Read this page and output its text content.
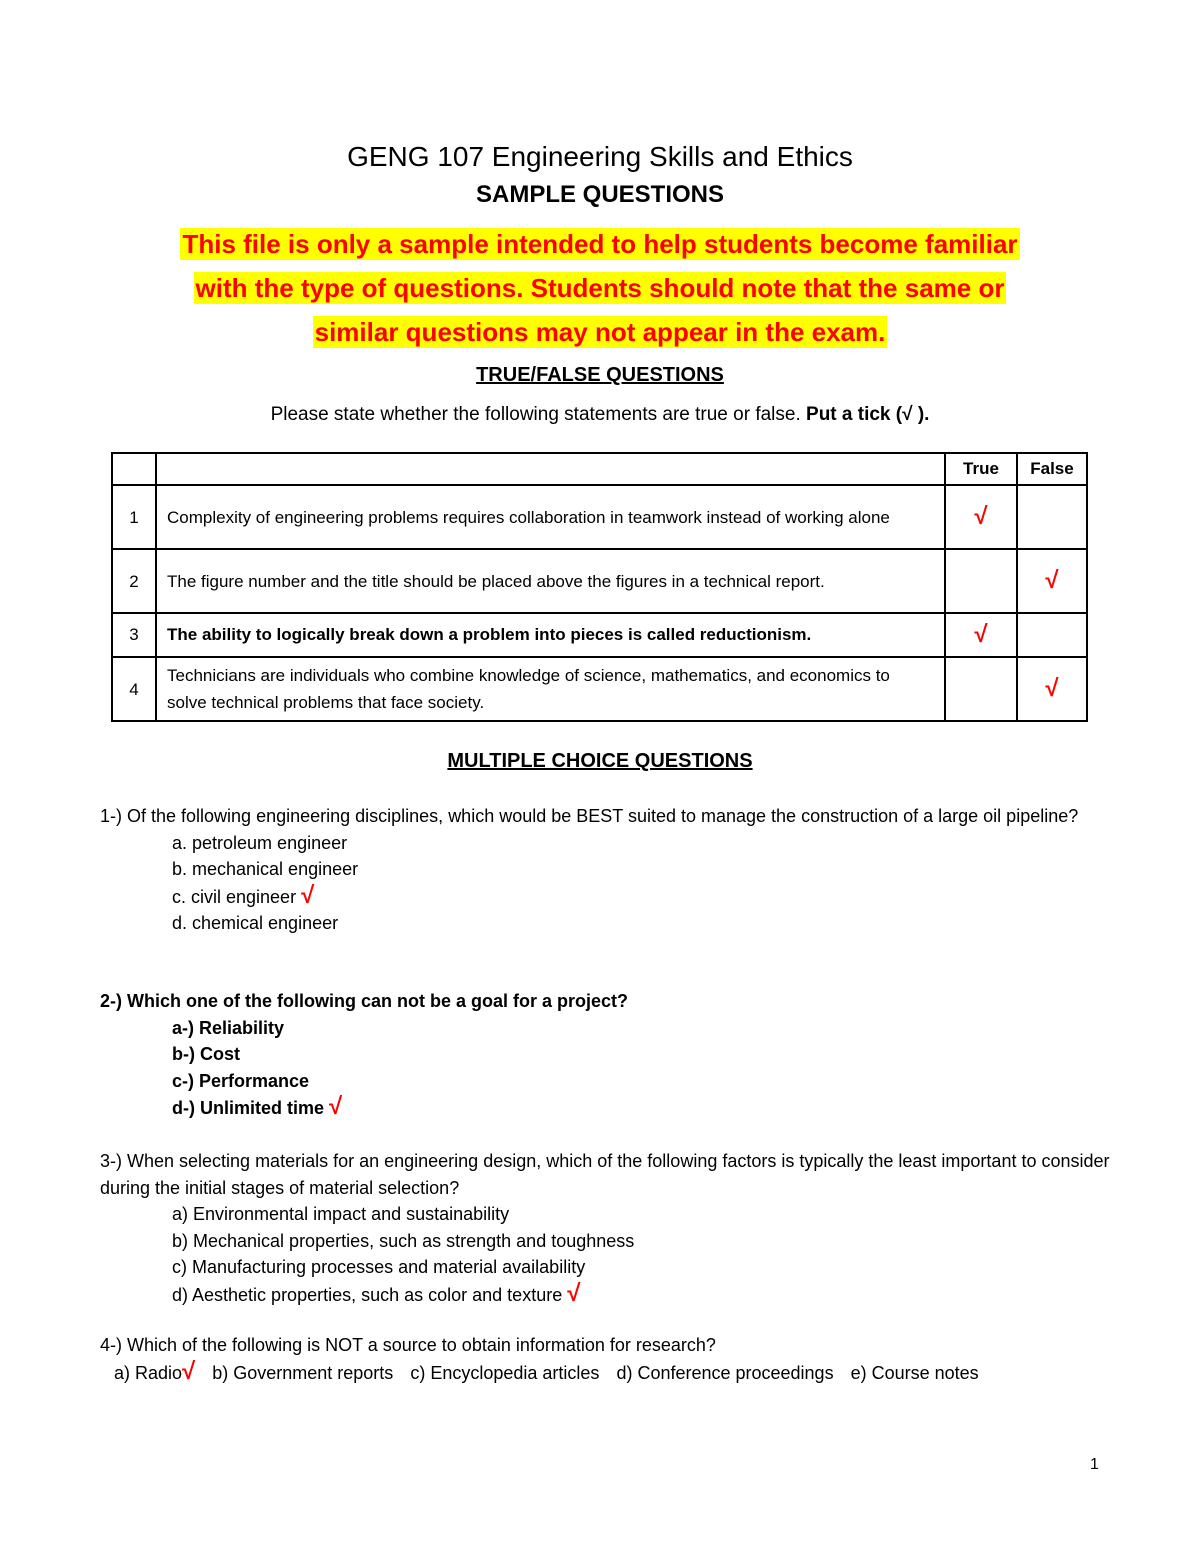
GENG 107 Engineering Skills and Ethics
SAMPLE QUESTIONS
This file is only a sample intended to help students become familiar
with the type of questions. Students should note that the same or
similar questions may not appear in the exam.
TRUE/FALSE QUESTIONS
Please state whether the following statements are true or false. Put a tick (√ ).
		True	False
1	Complexity of engineering problems requires collaboration in teamwork instead of working alone	√	
2	The figure number and the title should be placed above the figures in a technical report.		√
3	The ability to logically break down a problem into pieces is called reductionism.	√	
4	Technicians are individuals who combine knowledge of science, mathematics, and economics to solve technical problems that face society.		√
MULTIPLE CHOICE QUESTIONS
1-) Of the following engineering disciplines, which would be BEST suited to manage the construction of a large oil pipeline?
a. petroleum engineer
b. mechanical engineer
c. civil engineer √
d. chemical engineer
2-) Which one of the following can not be a goal for a project?
a-) Reliability
b-) Cost
c-) Performance
d-) Unlimited time √
3-) When selecting materials for an engineering design, which of the following factors is typically the least important to consider during the initial stages of material selection?
a) Environmental impact and sustainability
b) Mechanical properties, such as strength and toughness
c) Manufacturing processes and material availability
d) Aesthetic properties, such as color and texture √
4-) Which of the following is NOT a source to obtain information for research?
a) Radio√ b) Government reports c) Encyclopedia articles d) Conference proceedings e) Course notes
1
